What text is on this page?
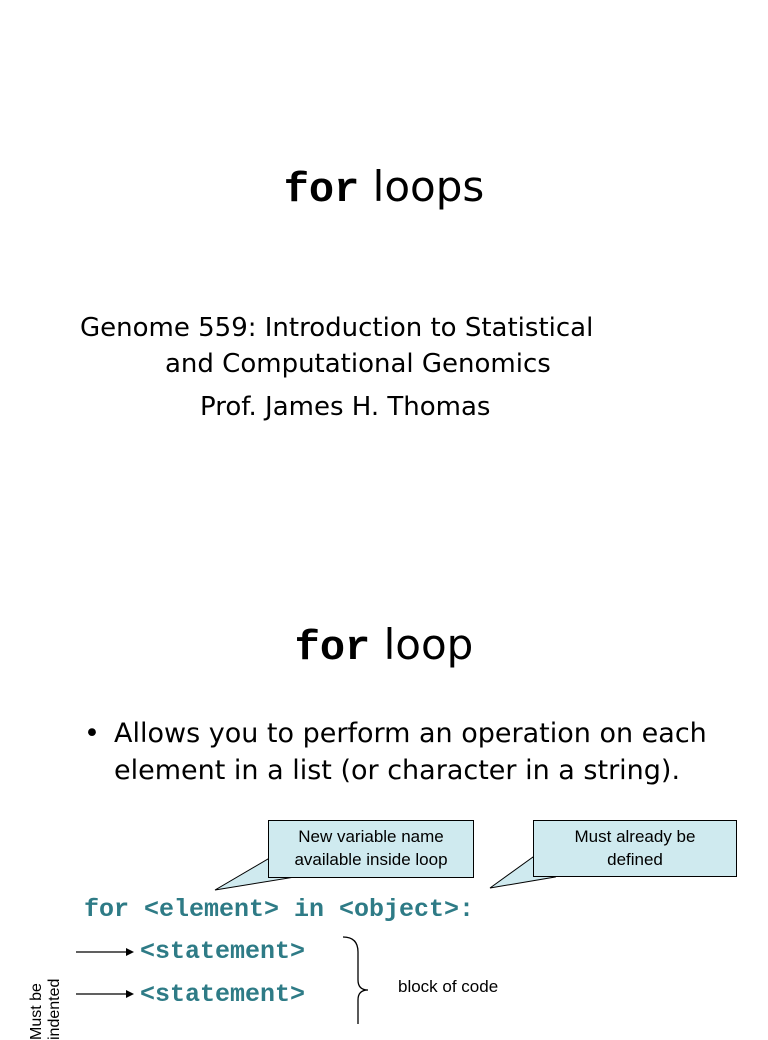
for loops
Genome 559: Introduction to Statistical
and Computational Genomics
Prof. James H. Thomas
for loop
• Allows you to perform an operation on each element in a list (or character in a string).
New variable name
available inside loop
Must already be
defined
for <element> in <object>:
<statement>
<statement>	block of code
Must be indented
